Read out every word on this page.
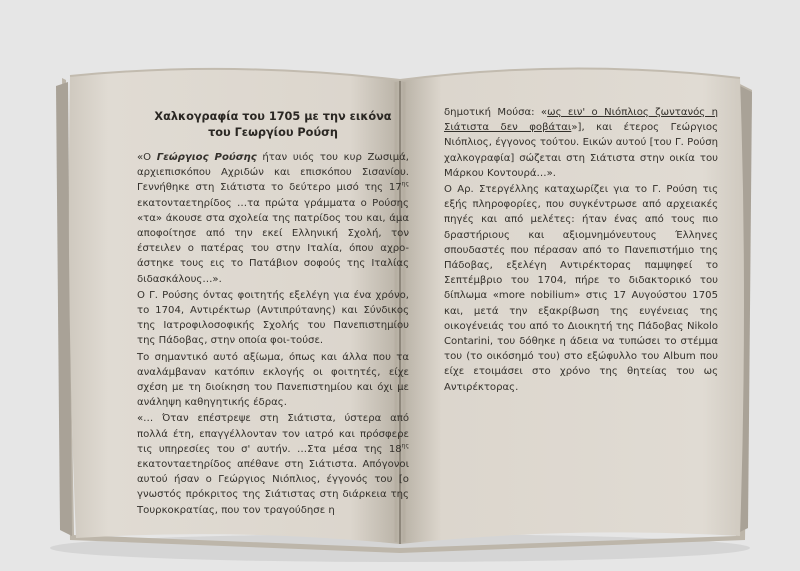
Χαλκογραφία του 1705 με την εικόνα
του Γεωργίου Ρούση

«Ο Γεώργιος Ρούσης ήταν υιός του κυρ Ζωσιμά, αρχιεπισκόπου Αχριδών και επισκόπου Σισανίου. Γεννήθηκε στη Σιάτιστα το δεύτερο μισό της $17^{\eta\varsigma}$ εκατονταετηρίδος …τα πρώτα γράμματα ο Ρούσης «τα» άκουσε στα σχολεία της πατρίδος του και, άμα αποφοίτησε από την εκεί Ελληνική Σχολή, τον έστειλεν ο πατέρας του στην Ιταλία, όπου αχρο-άστηκε τους εις το Πατάβιον σοφούς της Ιταλίας διδασκάλους…».

Ο Γ. Ρούσης όντας φοιτητής εξελέγη για ένα χρόνο, το 1704, Αντιρέκτωρ (Αντιπρύτανης) και Σύνδικος της Ιατροφιλοσοφικής Σχολής του Πανεπιστημίου της Πάδοβας, στην οποία φοι-τούσε.

Το σημαντικό αυτό αξίωμα, όπως και άλλα που τα αναλάμβαναν κατόπιν εκλογής οι φοιτητές, είχε σχέση με τη διοίκηση του Πανεπιστημίου και όχι με ανάληψη καθηγητικής έδρας.

«… Όταν επέστρεψε στη Σιάτιστα, ύστερα από πολλά έτη, επαγγέλλονταν τον ιατρό και πρόσφερε τις υπηρεσίες του σ' αυτήν. …Στα μέσα της $18^{\eta\varsigma}$ εκατονταετηρίδος απέθανε στη Σιάτιστα. Απόγονοι αυτού ήσαν ο Γεώργιος Νιόπλιος, έγγονός του [ο γνωστός πρόκριτος της Σιάτιστας στη διάρκεια της Τουρκοκρατίας, που τον τραγούδησε η

δημοτική Μούσα: «ως ειν' ο Νιόπλιος ζωντανός η Σιάτιστα δεν φοβάται»], και έτερος Γεώργιος Νιόπλιος, έγγονος τούτου. Εικών αυτού [του Γ. Ρούση χαλκογραφία] σώζεται στη Σιάτιστα στην οικία του Μάρκου Κοντουρά…».

Ο Αρ. Στεργέλλης καταχωρίζει για το Γ. Ρούση τις εξής πληροφορίες, που συγκέντρωσε από αρχειακές πηγές και από μελέτες: ήταν ένας από τους πιο δραστήριους και αξιομνημόνευτους Έλληνες σπουδαστές που πέρασαν από το Πανεπιστήμιο της Πάδοβας, εξελέγη Αντιρέκτορας παμψηφεί το Σεπτέμβριο του 1704, πήρε το διδακτορικό του δίπλωμα «more nobilium» στις 17 Αυγούστου 1705 και, μετά την εξακρίβωση της ευγένειας της οικογένειάς του από το Διοικητή της Πάδοβας Nikolo Contarini, του δόθηκε η άδεια να τυπώσει το στέμμα του (το οικόσημό του) στο εξώφυλλο του Album που είχε ετοιμάσει στο χρόνο της θητείας του ως Αντιρέκτορας.
